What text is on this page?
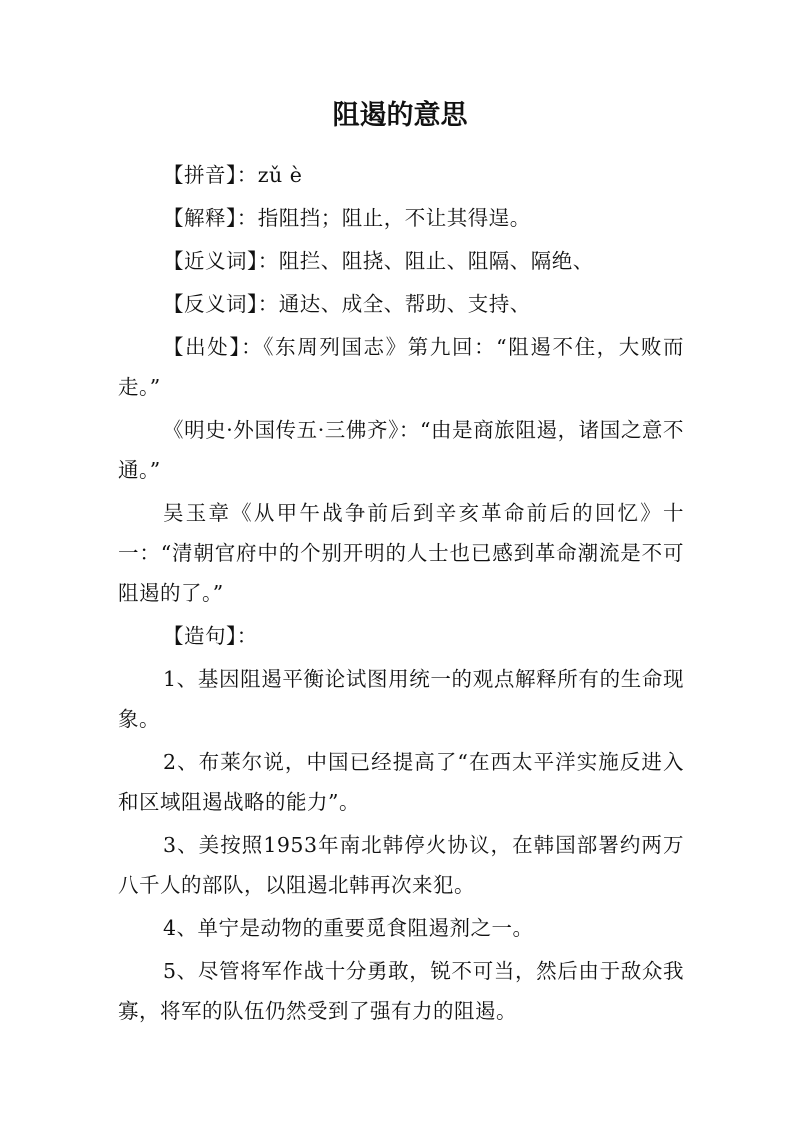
阻遏的意思

【拼音】：zǔ è

【解释】：指阻挡；阻止，不让其得逞。

【近义词】：阻拦、阻挠、阻止、阻隔、隔绝、

【反义词】：通达、成全、帮助、支持、

【出处】：《东周列国志》第九回：“阻遏不住，大败而走。”

《明史·外国传五·三佛齐》：“由是商旅阻遏，诸国之意不通。”

吴玉章《从甲午战争前后到辛亥革命前后的回忆》十一：“清朝官府中的个别开明的人士也已感到革命潮流是不可阻遏的了。”

【造句】：

1、基因阻遏平衡论试图用统一的观点解释所有的生命现象。

2、布莱尔说，中国已经提高了“在西太平洋实施反进入和区域阻遏战略的能力”。

3、美按照1953年南北韩停火协议，在韩国部署约两万八千人的部队，以阻遏北韩再次来犯。

4、单宁是动物的重要觅食阻遏剂之一。

5、尽管将军作战十分勇敢，锐不可当，然后由于敌众我寡，将军的队伍仍然受到了强有力的阻遏。
